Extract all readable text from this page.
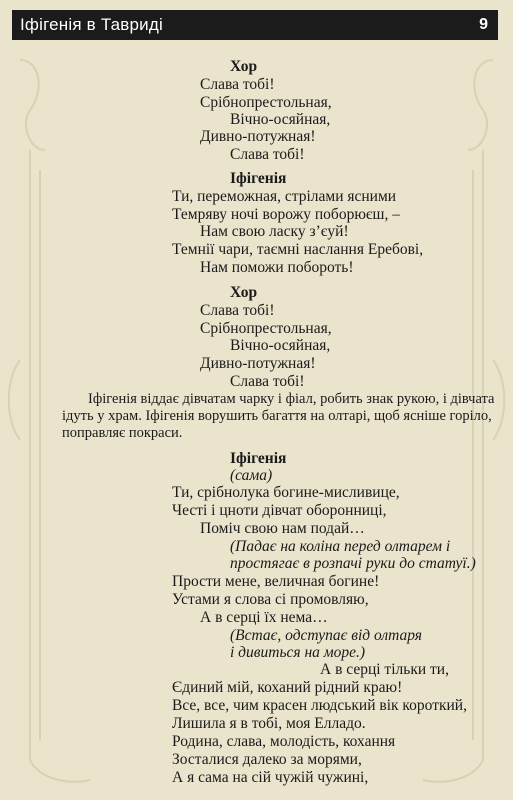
Іфігенія в Тавриді	9
Хор
Слава тобі!
Срібнопрестольная,
Вічно-осяйная,
Дивно-потужная!
Слава тобі!
Іфігенія
Ти, переможная, стрілами ясними
Темряву ночі ворожу поборюєш, –
Нам свою ласку з’єуй!
Темнії чари, таємні наслання Еребові,
Нам поможи побороть!
Хор
Слава тобі!
Срібнопрестольная,
Вічно-осяйная,
Дивно-потужная!
Слава тобі!
Іфігенія віддає дівчатам чарку і фіал, робить знак рукою, і дівчата
ідуть у храм. Іфігенія ворушить багаття на олтарі, щоб ясніше горіло,
поправляє покраси.
Іфігенія
(сама)
Ти, срібнолука богине-мисливице,
Честі і цноти дівчат оборонниці,
Поміч свою нам подай…
(Падає на коліна перед олтарем і
простягає в розпачі руки до статуї.)
Прости мене, величная богине!
Устами я слова сі промовляю,
А в серці їх нема…
(Встає, одступає від олтаря
і дивиться на море.)
А в серці тільки ти,
Єдиний мій, коханий рідний краю!
Все, все, чим красен людський вік короткий,
Лишила я в тобі, моя Елладо.
Родина, слава, молодість, кохання
Зосталися далеко за морями,
А я сама на сій чужій чужині,
